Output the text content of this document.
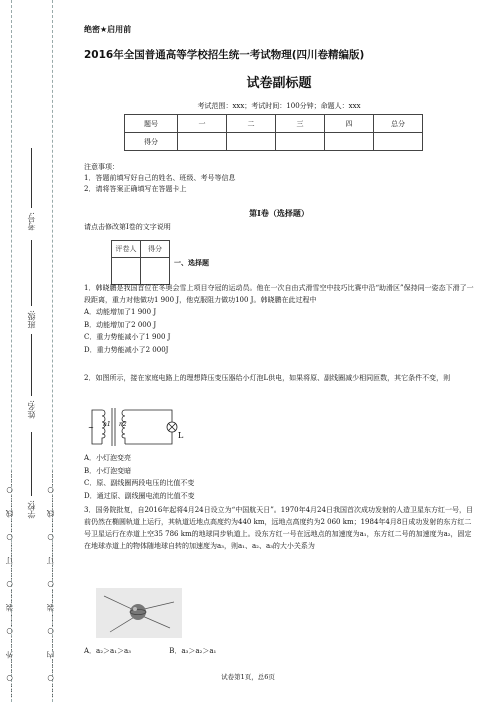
……○……外……○……装……○……订……○……线……○……	……○……内……○……装……○……订……○……线……○……
学校:
姓名:
班级:
考号:
绝密★启用前
2016年全国普通高等学校招生统一考试物理(四川卷精编版)
试卷副标题
考试范围：xxx；考试时间：100分钟；命题人：xxx
题号	一	二	三	四	总分
得分					
注意事项：
1．答题前填写好自己的姓名、班级、考号等信息
2．请将答案正确填写在答题卡上
第I卷（选择题）
请点击修改第I卷的文字说明
评卷人	得分

一、选择题
1．韩晓鹏是我国首位在冬奥会雪上项目夺冠的运动员。他在一次自由式滑雪空中技巧比赛中沿“助滑区”保持同一姿态下滑了一段距离，重力对他做功1 900 J，他克服阻力做功100 J。韩晓鹏在此过程中
A．动能增加了1 900 J
B．动能增加了2 000 J
C．重力势能减小了1 900 J
D．重力势能减小了2 000J
2．如图所示，接在家庭电路上的理想降压变压器给小灯泡L供电，如果将原、副线圈减少相同匝数，其它条件不变，则
~ n1 n2
L
A．小灯泡变亮
B．小灯泡变暗
C．原、副线圈两段电压的比值不变
D．通过原、副线圈电流的比值不变
3．国务院批复，自2016年起将4月24日设立为“中国航天日”。1970年4月24日我国首次成功发射的人造卫星东方红一号，目前仍然在椭圆轨道上运行，其轨道近地点高度约为440 km，远地点高度约为2 060 km；1984年4月8日成功发射的东方红二号卫星运行在赤道上空35 786 km的地球同步轨道上。设东方红一号在远地点的加速度为a₁，东方红二号的加速度为a₂，固定在地球赤道上的物体随地球自转的加速度为a₃，则a₁、a₂、a₃的大小关系为
A．a₂＞a₁＞a₃	B．a₃＞a₂＞a₁
试卷第1页，总6页
